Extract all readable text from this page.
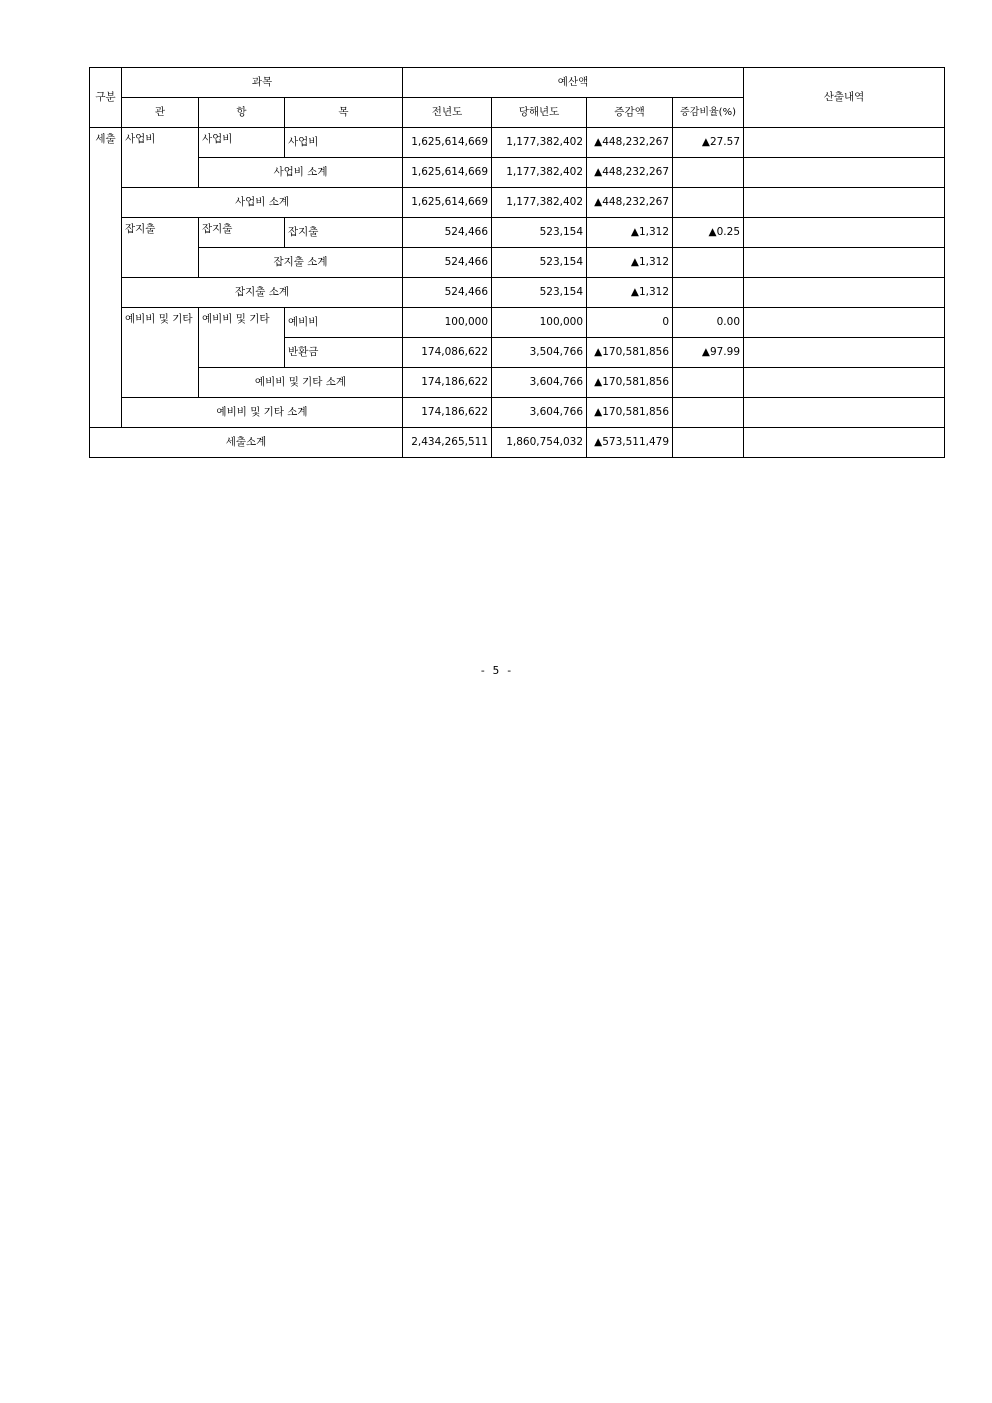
구분	과목			예산액				산출내역
	관	항	목	전년도	당해년도	증감액	증감비율(%)	
세출	사업비	사업비	사업비	1,625,614,669	1,177,382,402	▲448,232,267	▲27.57	
		사업비 소계		1,625,614,669	1,177,382,402	▲448,232,267		
	사업비 소계			1,625,614,669	1,177,382,402	▲448,232,267		
	잡지출	잡지출	잡지출	524,466	523,154	▲1,312	▲0.25	
		잡지출 소계		524,466	523,154	▲1,312		
	잡지출 소계			524,466	523,154	▲1,312		
	예비비 및 기타	예비비 및 기타	예비비	100,000	100,000	0	0.00	
			반환금	174,086,622	3,504,766	▲170,581,856	▲97.99	
		예비비 및 기타 소계		174,186,622	3,604,766	▲170,581,856		
	예비비 및 기타 소계			174,186,622	3,604,766	▲170,581,856		
세출소계				2,434,265,511	1,860,754,032	▲573,511,479		
- 5 -
